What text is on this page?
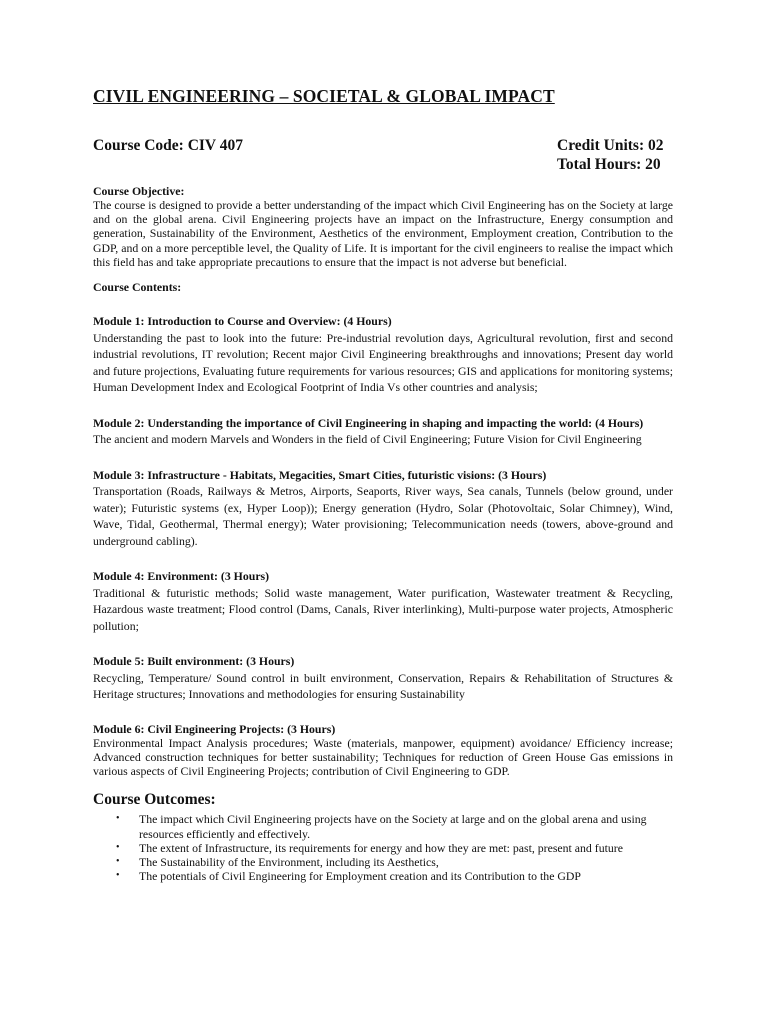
CIVIL ENGINEERING – SOCIETAL & GLOBAL IMPACT
Course Code: CIV 407	Credit Units: 02
Total Hours: 20

Course Objective:

The course is designed to provide a better understanding of the impact which Civil Engineering has on the Society at large and on the global arena. Civil Engineering projects have an impact on the Infrastructure, Energy consumption and generation, Sustainability of the Environment, Aesthetics of the environment, Employment creation, Contribution to the GDP, and on a more perceptible level, the Quality of Life. It is important for the civil engineers to realise the impact which this field has and take appropriate precautions to ensure that the impact is not adverse but beneficial.

Course Contents:

Module 1: Introduction to Course and Overview: (4 Hours)

Understanding the past to look into the future: Pre-industrial revolution days, Agricultural revolution, first and second industrial revolutions, IT revolution; Recent major Civil Engineering breakthroughs and innovations; Present day world and future projections, Evaluating future requirements for various resources; GIS and applications for monitoring systems; Human Development Index and Ecological Footprint of India Vs other countries and analysis;

Module 2: Understanding the importance of Civil Engineering in shaping and impacting the world: (4 Hours)

The ancient and modern Marvels and Wonders in the field of Civil Engineering; Future Vision for Civil Engineering

Module 3: Infrastructure - Habitats, Megacities, Smart Cities, futuristic visions: (3 Hours)

Transportation (Roads, Railways & Metros, Airports, Seaports, River ways, Sea canals, Tunnels (below ground, under water); Futuristic systems (ex, Hyper Loop)); Energy generation (Hydro, Solar (Photovoltaic, Solar Chimney), Wind, Wave, Tidal, Geothermal, Thermal energy); Water provisioning; Telecommunication needs (towers, above-ground and underground cabling).

Module 4: Environment: (3 Hours)

Traditional & futuristic methods; Solid waste management, Water purification, Wastewater treatment & Recycling, Hazardous waste treatment; Flood control (Dams, Canals, River interlinking), Multi-purpose water projects, Atmospheric pollution;

Module 5: Built environment: (3 Hours)

Recycling, Temperature/ Sound control in built environment, Conservation, Repairs & Rehabilitation of Structures & Heritage structures; Innovations and methodologies for ensuring Sustainability

Module 6: Civil Engineering Projects: (3 Hours)

Environmental Impact Analysis procedures; Waste (materials, manpower, equipment) avoidance/ Efficiency increase; Advanced construction techniques for better sustainability; Techniques for reduction of Green House Gas emissions in various aspects of Civil Engineering Projects; contribution of Civil Engineering to GDP.

Course Outcomes:

• The impact which Civil Engineering projects have on the Society at large and on the global arena and using resources efficiently and effectively.
• The extent of Infrastructure, its requirements for energy and how they are met: past, present and future
• The Sustainability of the Environment, including its Aesthetics,
• The potentials of Civil Engineering for Employment creation and its Contribution to the GDP
